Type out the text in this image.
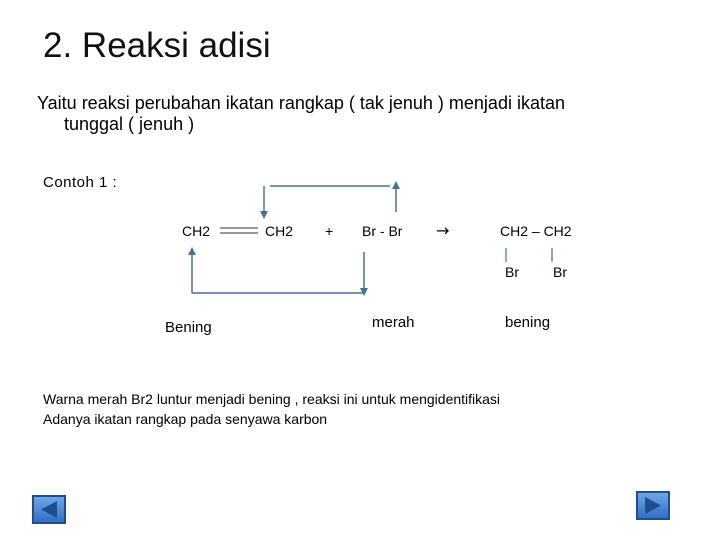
2. Reaksi adisi
Yaitu reaksi perubahan ikatan rangkap ( tak jenuh ) menjadi ikatan
tunggal ( jenuh )
Contoh 1 :
CH2	CH2 + Br - Br →	CH2 – CH2
Br Br
Bening	merah	bening
Warna merah Br2 luntur menjadi bening , reaksi ini untuk mengidentifikasi
Adanya ikatan rangkap pada senyawa karbon
